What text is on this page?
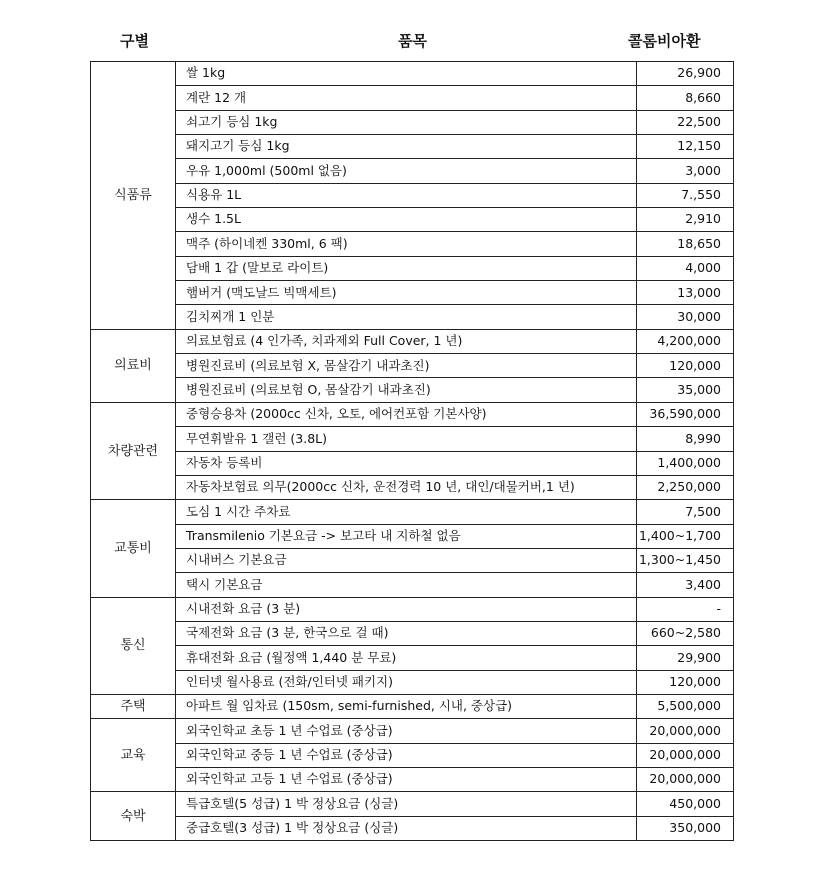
구별	품목	콜롬비아환
식품류	쌀 1kg	26,900
	계란 12 개	8,660
	쇠고기 등심 1kg	22,500
	돼지고기 등심 1kg	12,150
	우유 1,000ml (500ml 없음)	3,000
	식용유 1L	7.,550
	생수 1.5L	2,910
	맥주 (하이네켄 330ml, 6 팩)	18,650
	담배 1 갑 (말보로 라이트)	4,000
	햄버거 (맥도날드 빅맥세트)	13,000
	김치찌개 1 인분	30,000
의료비	의료보험료 (4 인가족, 치과제외 Full Cover, 1 년)	4,200,000
	병원진료비 (의료보험 X, 몸살감기 내과초진)	120,000
	병원진료비 (의료보험 O, 몸살감기 내과초진)	35,000
차량관련	중형승용차 (2000cc 신차, 오토, 에어컨포함 기본사양)	36,590,000
	무연휘발유 1 갤런 (3.8L)	8,990
	자동차 등록비	1,400,000
	자동차보험료 의무(2000cc 신차, 운전경력 10 년, 대인/대물커버,1 년)	2,250,000
교통비	도심 1 시간 주차료	7,500
	Transmilenio 기본요금 -> 보고타 내 지하철 없음	1,400~1,700
	시내버스 기본요금	1,300~1,450
	택시 기본요금	3,400
통신	시내전화 요금 (3 분)	-
	국제전화 요금 (3 분, 한국으로 걸 때)	660~2,580
	휴대전화 요금 (월정액 1,440 분 무료)	29,900
	인터넷 월사용료 (전화/인터넷 패키지)	120,000
주택	아파트 월 임차료 (150sm, semi-furnished, 시내, 중상급)	5,500,000
교육	외국인학교 초등 1 년 수업료 (중상급)	20,000,000
	외국인학교 중등 1 년 수업료 (중상급)	20,000,000
	외국인학교 고등 1 년 수업료 (중상급)	20,000,000
숙박	특급호텔(5 성급) 1 박 정상요금 (싱글)	450,000
	중급호텔(3 성급) 1 박 정상요금 (싱글)	350,000
